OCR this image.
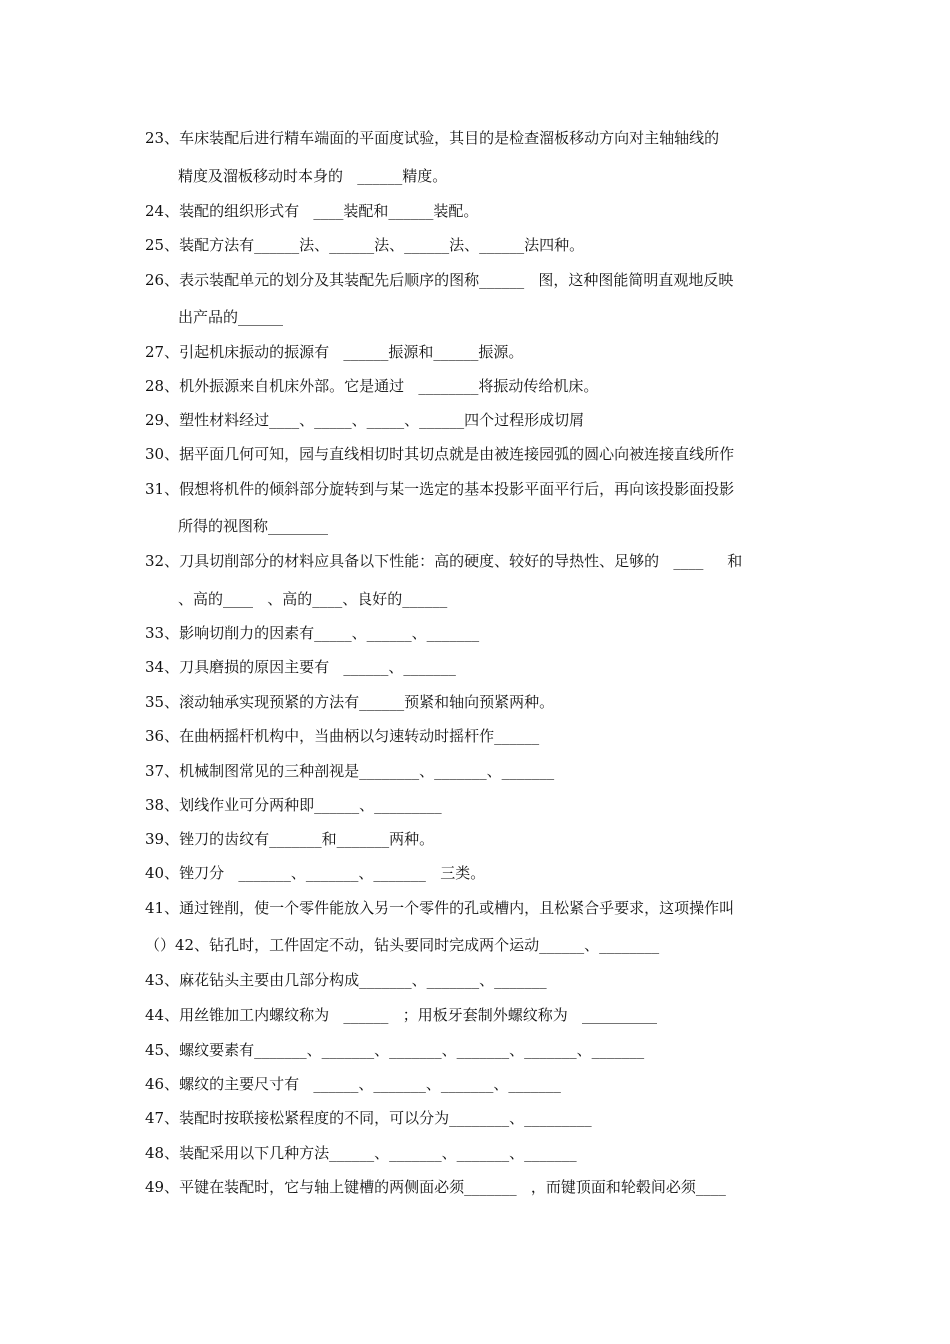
23、车床装配后进行精车端面的平面度试验，其目的是检查溜板移动方向对主轴轴线的
精度及溜板移动时本身的   ______精度。
24、装配的组织形式有   ____装配和______装配。
25、装配方法有______法、______法、______法、______法四种。
26、表示装配单元的划分及其装配先后顺序的图称______   图，这种图能简明直观地反映
出产品的______
27、引起机床振动的振源有   ______振源和______振源。
28、机外振源来自机床外部。它是通过   ________将振动传给机床。
29、塑性材料经过____、_____、_____、______四个过程形成切屑
30、据平面几何可知，园与直线相切时其切点就是由被连接园弧的圆心向被连接直线所作
31、假想将机件的倾斜部分旋转到与某一选定的基本投影平面平行后，再向该投影面投影
所得的视图称________
32、刀具切削部分的材料应具备以下性能：高的硬度、较好的导热性、足够的   ____     和
、高的____   、高的____、良好的______
33、影响切削力的因素有_____、______、_______
34、刀具磨损的原因主要有   ______、_______
35、滚动轴承实现预紧的方法有______预紧和轴向预紧两种。
36、在曲柄摇杆机构中，当曲柄以匀速转动时摇杆作______
37、机械制图常见的三种剖视是________、_______、_______
38、划线作业可分两种即______、_________
39、锉刀的齿纹有_______和_______两种。
40、锉刀分   _______、_______、_______   三类。
41、通过锉削，使一个零件能放入另一个零件的孔或槽内，且松紧合乎要求，这项操作叫
（）42、钻孔时，工件固定不动，钻头要同时完成两个运动______、________
43、麻花钻头主要由几部分构成_______、_______、_______
44、用丝锥加工内螺纹称为   ______   ；用板牙套制外螺纹称为   __________
45、螺纹要素有_______、_______、_______、_______、_______、_______
46、螺纹的主要尺寸有   ______、_______、_______、_______
47、装配时按联接松紧程度的不同，可以分为________、_________
48、装配采用以下几种方法______、_______、_______、_______
49、平键在装配时，它与轴上键槽的两侧面必须_______   ，而键顶面和轮毂间必须____
